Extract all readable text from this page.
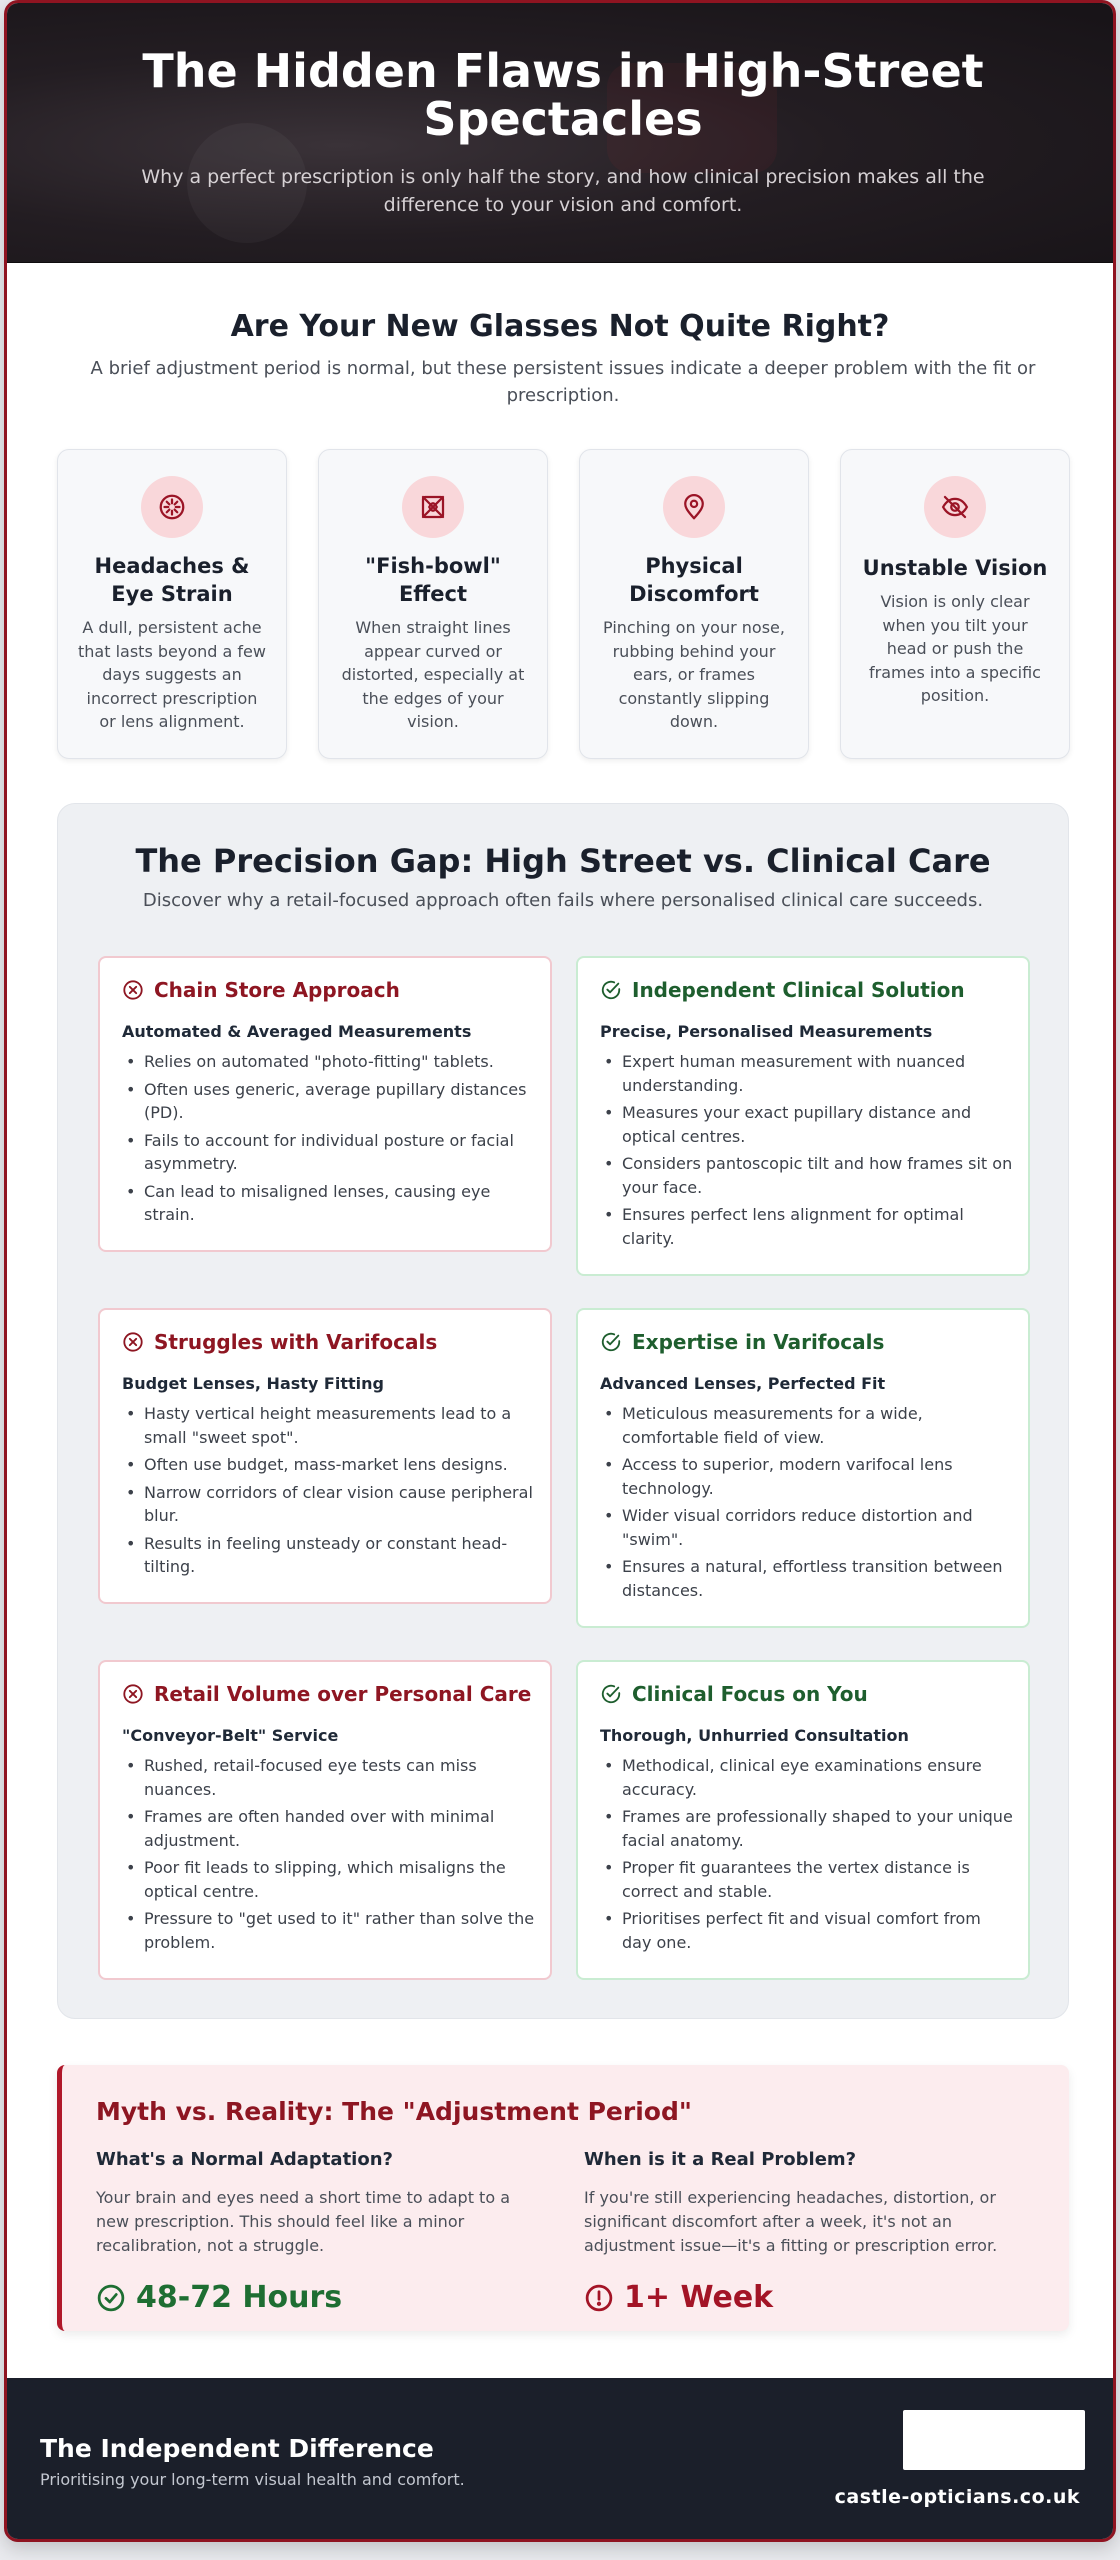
The Hidden Flaws in High-Street Spectacles

Why a perfect prescription is only half the story, and how clinical precision makes all the difference to your vision and comfort.

Are Your New Glasses Not Quite Right?

A brief adjustment period is normal, but these persistent issues indicate a deeper problem with the fit or prescription.

Headaches & Eye Strain
A dull, persistent ache that lasts beyond a few days suggests an incorrect prescription or lens alignment.
"Fish-bowl" Effect
When straight lines appear curved or distorted, especially at the edges of your vision.
Physical Discomfort
Pinching on your nose, rubbing behind your ears, or frames constantly slipping down.
Unstable Vision
Vision is only clear when you tilt your head or push the frames into a specific position.
The Precision Gap: High Street vs. Clinical Care

Discover why a retail-focused approach often fails where personalised clinical care succeeds.

Chain Store Approach
Automated & Averaged Measurements
• Relies on automated "photo-fitting" tablets.
• Often uses generic, average pupillary distances (PD).
• Fails to account for individual posture or facial asymmetry.
• Can lead to misaligned lenses, causing eye strain.
Independent Clinical Solution
Precise, Personalised Measurements
• Expert human measurement with nuanced understanding.
• Measures your exact pupillary distance and optical centres.
• Considers pantoscopic tilt and how frames sit on your face.
• Ensures perfect lens alignment for optimal clarity.
Struggles with Varifocals
Budget Lenses, Hasty Fitting
• Hasty vertical height measurements lead to a small "sweet spot".
• Often use budget, mass-market lens designs.
• Narrow corridors of clear vision cause peripheral blur.
• Results in feeling unsteady or constant head-tilting.
Expertise in Varifocals
Advanced Lenses, Perfected Fit
• Meticulous measurements for a wide, comfortable field of view.
• Access to superior, modern varifocal lens technology.
• Wider visual corridors reduce distortion and "swim".
• Ensures a natural, effortless transition between distances.
Retail Volume over Personal Care
"Conveyor-Belt" Service
• Rushed, retail-focused eye tests can miss nuances.
• Frames are often handed over with minimal adjustment.
• Poor fit leads to slipping, which misaligns the optical centre.
• Pressure to "get used to it" rather than solve the problem.
Clinical Focus on You
Thorough, Unhurried Consultation
• Methodical, clinical eye examinations ensure accuracy.
• Frames are professionally shaped to your unique facial anatomy.
• Proper fit guarantees the vertex distance is correct and stable.
• Prioritises perfect fit and visual comfort from day one.
Myth vs. Reality: The "Adjustment Period"
What's a Normal Adaptation?

Your brain and eyes need a short time to adapt to a new prescription. This should feel like a minor recalibration, not a struggle.

48-72 Hours
When is it a Real Problem?

If you're still experiencing headaches, distortion, or significant discomfort after a week, it's not an adjustment issue—it's a fitting or prescription error.

1+ Week
The Independent Difference
Prioritising your long-term visual health and comfort.
castle-opticians.co.uk
